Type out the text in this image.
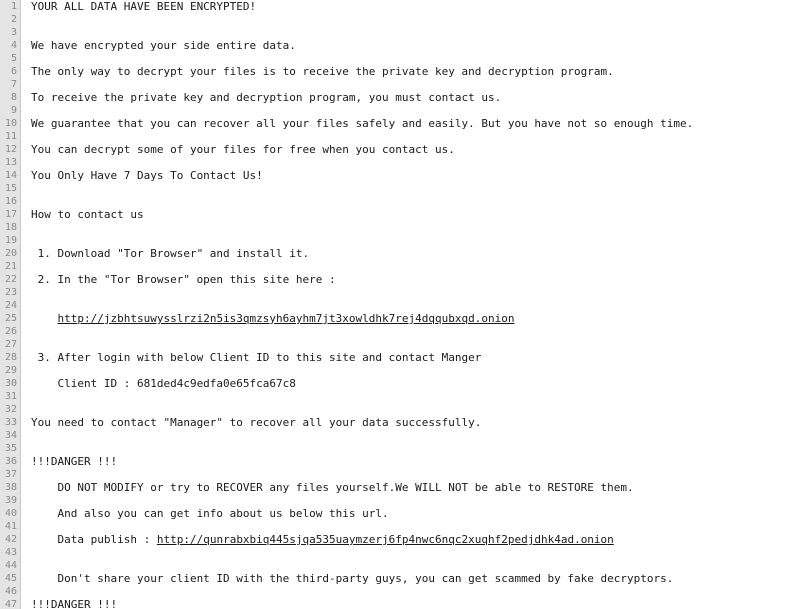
1 YOUR ALL DATA HAVE BEEN ENCRYPTED!
2
3
4 We have encrypted your side entire data.
5
6 The only way to decrypt your files is to receive the private key and decryption program.
7
8 To receive the private key and decryption program, you must contact us.
9
10 We guarantee that you can recover all your files safely and easily. But you have not so enough time.
11
12 You can decrypt some of your files for free when you contact us.
13
14 You Only Have 7 Days To Contact Us!
15
16
17 How to contact us
18
19
20 1. Download "Tor Browser" and install it.
21
22 2. In the "Tor Browser" open this site here :
23
24
25	http://jzbhtsuwysslrzi2n5is3qmzsyh6ayhm7jt3xowldhk7rej4dqqubxqd.onion
26
27
28 3. After login with below Client ID to this site and contact Manger
29
30 Client ID : 681ded4c9edfa0e65fca67c8
31
32
33 You need to contact "Manager" to recover all your data successfully.
34
35
36 !!!DANGER !!!
37
38 DO NOT MODIFY or try to RECOVER any files yourself.We WILL NOT be able to RESTORE them.
39
40 And also you can get info about us below this url.
41
42 Data publish : http://qunrabxbiq445sjqa535uaymzerj6fp4nwc6nqc2xuqhf2pedjdhk4ad.onion
43
44
45 Don't share your client ID with the third-party guys, you can get scammed by fake decryptors.
46
47 !!!DANGER !!!
